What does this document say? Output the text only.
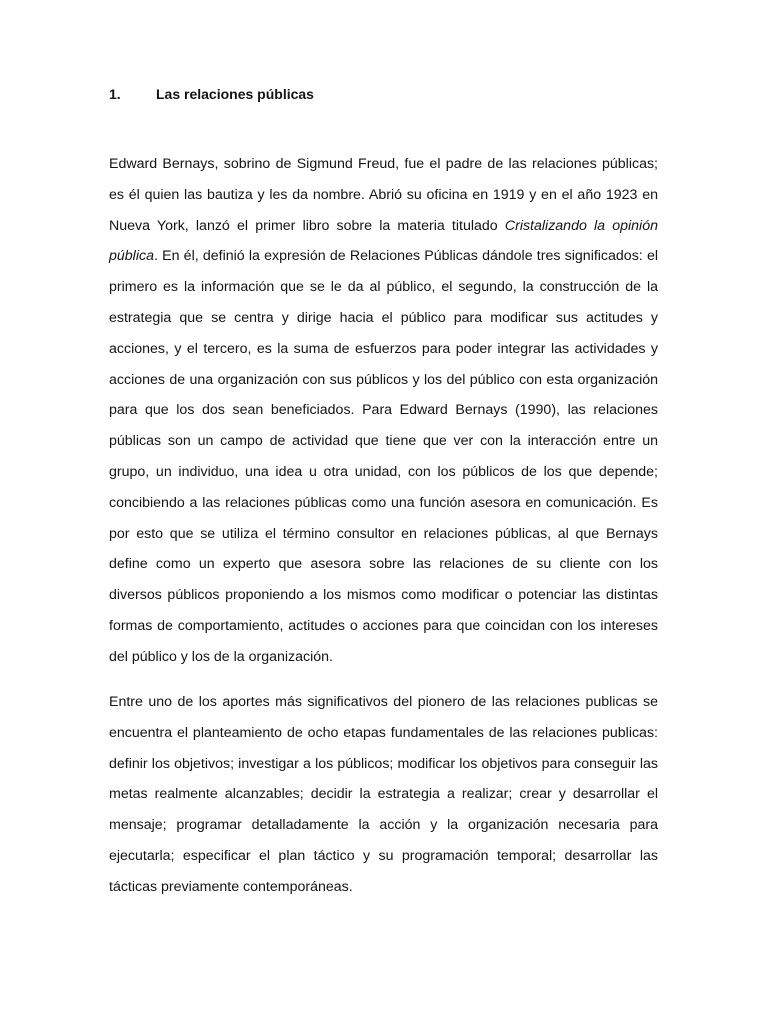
1.	Las relaciones públicas

Edward Bernays, sobrino de Sigmund Freud, fue el padre de las relaciones públicas; es él quien las bautiza y les da nombre. Abrió su oficina en 1919 y en el año 1923 en Nueva York, lanzó el primer libro sobre la materia titulado Cristalizando la opinión pública. En él, definió la expresión de Relaciones Públicas dándole tres significados: el primero es la información que se le da al público, el segundo, la construcción de la estrategia que se centra y dirige hacia el público para modificar sus actitudes y acciones, y el tercero, es la suma de esfuerzos para poder integrar las actividades y acciones de una organización con sus públicos y los del público con esta organización para que los dos sean beneficiados. Para Edward Bernays (1990), las relaciones públicas son un campo de actividad que tiene que ver con la interacción entre un grupo, un individuo, una idea u otra unidad, con los públicos de los que depende; concibiendo a las relaciones públicas como una función asesora en comunicación. Es por esto que se utiliza el término consultor en relaciones públicas, al que Bernays define como un experto que asesora sobre las relaciones de su cliente con los diversos públicos proponiendo a los mismos como modificar o potenciar las distintas formas de comportamiento, actitudes o acciones para que coincidan con los intereses del público y los de la organización.

Entre uno de los aportes más significativos del pionero de las relaciones publicas se encuentra el planteamiento de ocho etapas fundamentales de las relaciones publicas: definir los objetivos; investigar a los públicos; modificar los objetivos para conseguir las metas realmente alcanzables; decidir la estrategia a realizar; crear y desarrollar el mensaje; programar detalladamente la acción y la organización necesaria para ejecutarla; especificar el plan táctico y su programación temporal; desarrollar las tácticas previamente contemporáneas.
